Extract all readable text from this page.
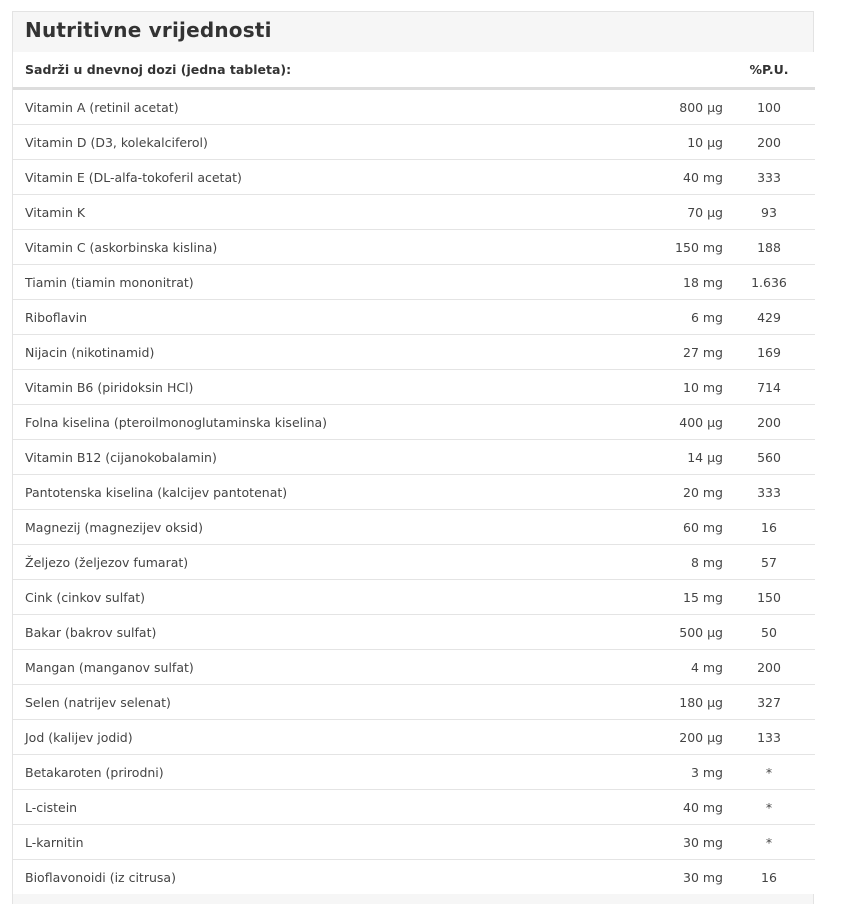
Nutritivne vrijednosti
Sadrži u dnevnoj dozi (jedna tableta):		%P.U.
Vitamin A (retinil acetat)	800 µg	100
Vitamin D (D3, kolekalciferol)	10 µg	200
Vitamin E (DL-alfa-tokoferil acetat)	40 mg	333
Vitamin K	70 µg	93
Vitamin C (askorbinska kislina)	150 mg	188
Tiamin (tiamin mononitrat)	18 mg	1.636
Riboflavin	6 mg	429
Nijacin (nikotinamid)	27 mg	169
Vitamin B6 (piridoksin HCl)	10 mg	714
Folna kiselina (pteroilmonoglutaminska kiselina)	400 µg	200
Vitamin B12 (cijanokobalamin)	14 µg	560
Pantotenska kiselina (kalcijev pantotenat)	20 mg	333
Magnezij (magnezijev oksid)	60 mg	16
Željezo (željezov fumarat)	8 mg	57
Cink (cinkov sulfat)	15 mg	150
Bakar (bakrov sulfat)	500 µg	50
Mangan (manganov sulfat)	4 mg	200
Selen (natrijev selenat)	180 µg	327
Jod (kalijev jodid)	200 µg	133
Betakaroten (prirodni)	3 mg	*
L-cistein	40 mg	*
L-karnitin	30 mg	*
Bioflavonoidi (iz citrusa)	30 mg	16
